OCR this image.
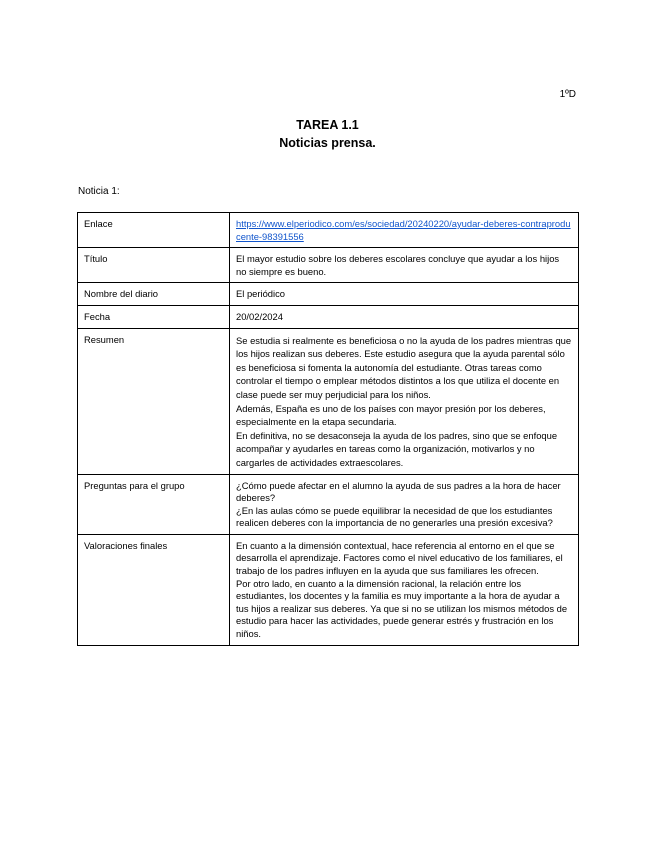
1ºD
TAREA 1.1
Noticias prensa.
Noticia 1:
Enlace	https://www.elperiodico.com/es/sociedad/20240220/ayudar-deberes-contraproducente-98391556
Título	El mayor estudio sobre los deberes escolares concluye que ayudar a los hijos no siempre es bueno.
Nombre del diario	El periódico
Fecha	20/02/2024
Resumen	Se estudia si realmente es beneficiosa o no la ayuda de los padres mientras que los hijos realizan sus deberes. Este estudio asegura que la ayuda parental sólo es beneficiosa si fomenta la autonomía del estudiante. Otras tareas como controlar el tiempo o emplear métodos distintos a los que utiliza el docente en clase puede ser muy perjudicial para los niños.
Además, España es uno de los países con mayor presión por los deberes, especialmente en la etapa secundaria.
En definitiva, no se desaconseja la ayuda de los padres, sino que se enfoque acompañar y ayudarles en tareas como la organización, motivarlos y no cargarles de actividades extraescolares.

Preguntas para el grupo	¿Cómo puede afectar en el alumno la ayuda de sus padres a la hora de hacer deberes?
¿En las aulas cómo se puede equilibrar la necesidad de que los estudiantes realicen deberes con la importancia de no generarles una presión excesiva?

Valoraciones finales	En cuanto a la dimensión contextual, hace referencia al entorno en el que se desarrolla el aprendizaje. Factores como el nivel educativo de los familiares, el trabajo de los padres influyen en la ayuda que sus familiares les ofrecen.
Por otro lado, en cuanto a la dimensión racional, la relación entre los estudiantes, los docentes y la familia es muy importante a la hora de ayudar a tus hijos a realizar sus deberes. Ya que si no se utilizan los mismos métodos de estudio para hacer las actividades, puede generar estrés y frustración en los niños.
